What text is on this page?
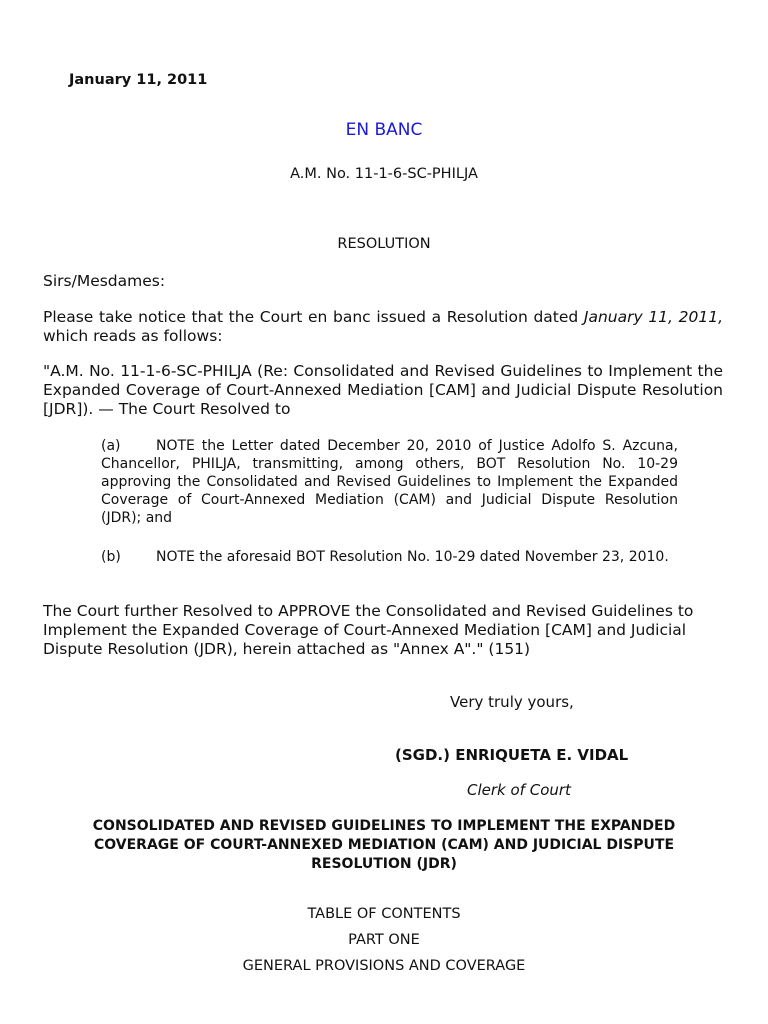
January 11, 2011
EN BANC
A.M. No. 11-1-6-SC-PHILJA
RESOLUTION
Sirs/Mesdames:
Please take notice that the Court en banc issued a Resolution dated January 11, 2011, which reads as follows:
"A.M. No. 11-1-6-SC-PHILJA (Re: Consolidated and Revised Guidelines to Implement the Expanded Coverage of Court-Annexed Mediation [CAM] and Judicial Dispute Resolution [JDR]). — The Court Resolved to
(a)	NOTE the Letter dated December 20, 2010 of Justice Adolfo S. Azcuna, Chancellor, PHILJA, transmitting, among others, BOT Resolution No. 10-29 approving the Consolidated and Revised Guidelines to Implement the Expanded Coverage of Court-Annexed Mediation (CAM) and Judicial Dispute Resolution (JDR); and
(b)	NOTE the aforesaid BOT Resolution No. 10-29 dated November 23, 2010.
The Court further Resolved to APPROVE the Consolidated and Revised Guidelines to Implement the Expanded Coverage of Court-Annexed Mediation [CAM] and Judicial Dispute Resolution (JDR), herein attached as "Annex A"." (151)
Very truly yours,
(SGD.) ENRIQUETA E. VIDAL
Clerk of Court
CONSOLIDATED AND REVISED GUIDELINES TO IMPLEMENT THE EXPANDED COVERAGE OF COURT-ANNEXED MEDIATION (CAM) AND JUDICIAL DISPUTE RESOLUTION (JDR)
TABLE OF CONTENTS
PART ONE
GENERAL PROVISIONS AND COVERAGE
